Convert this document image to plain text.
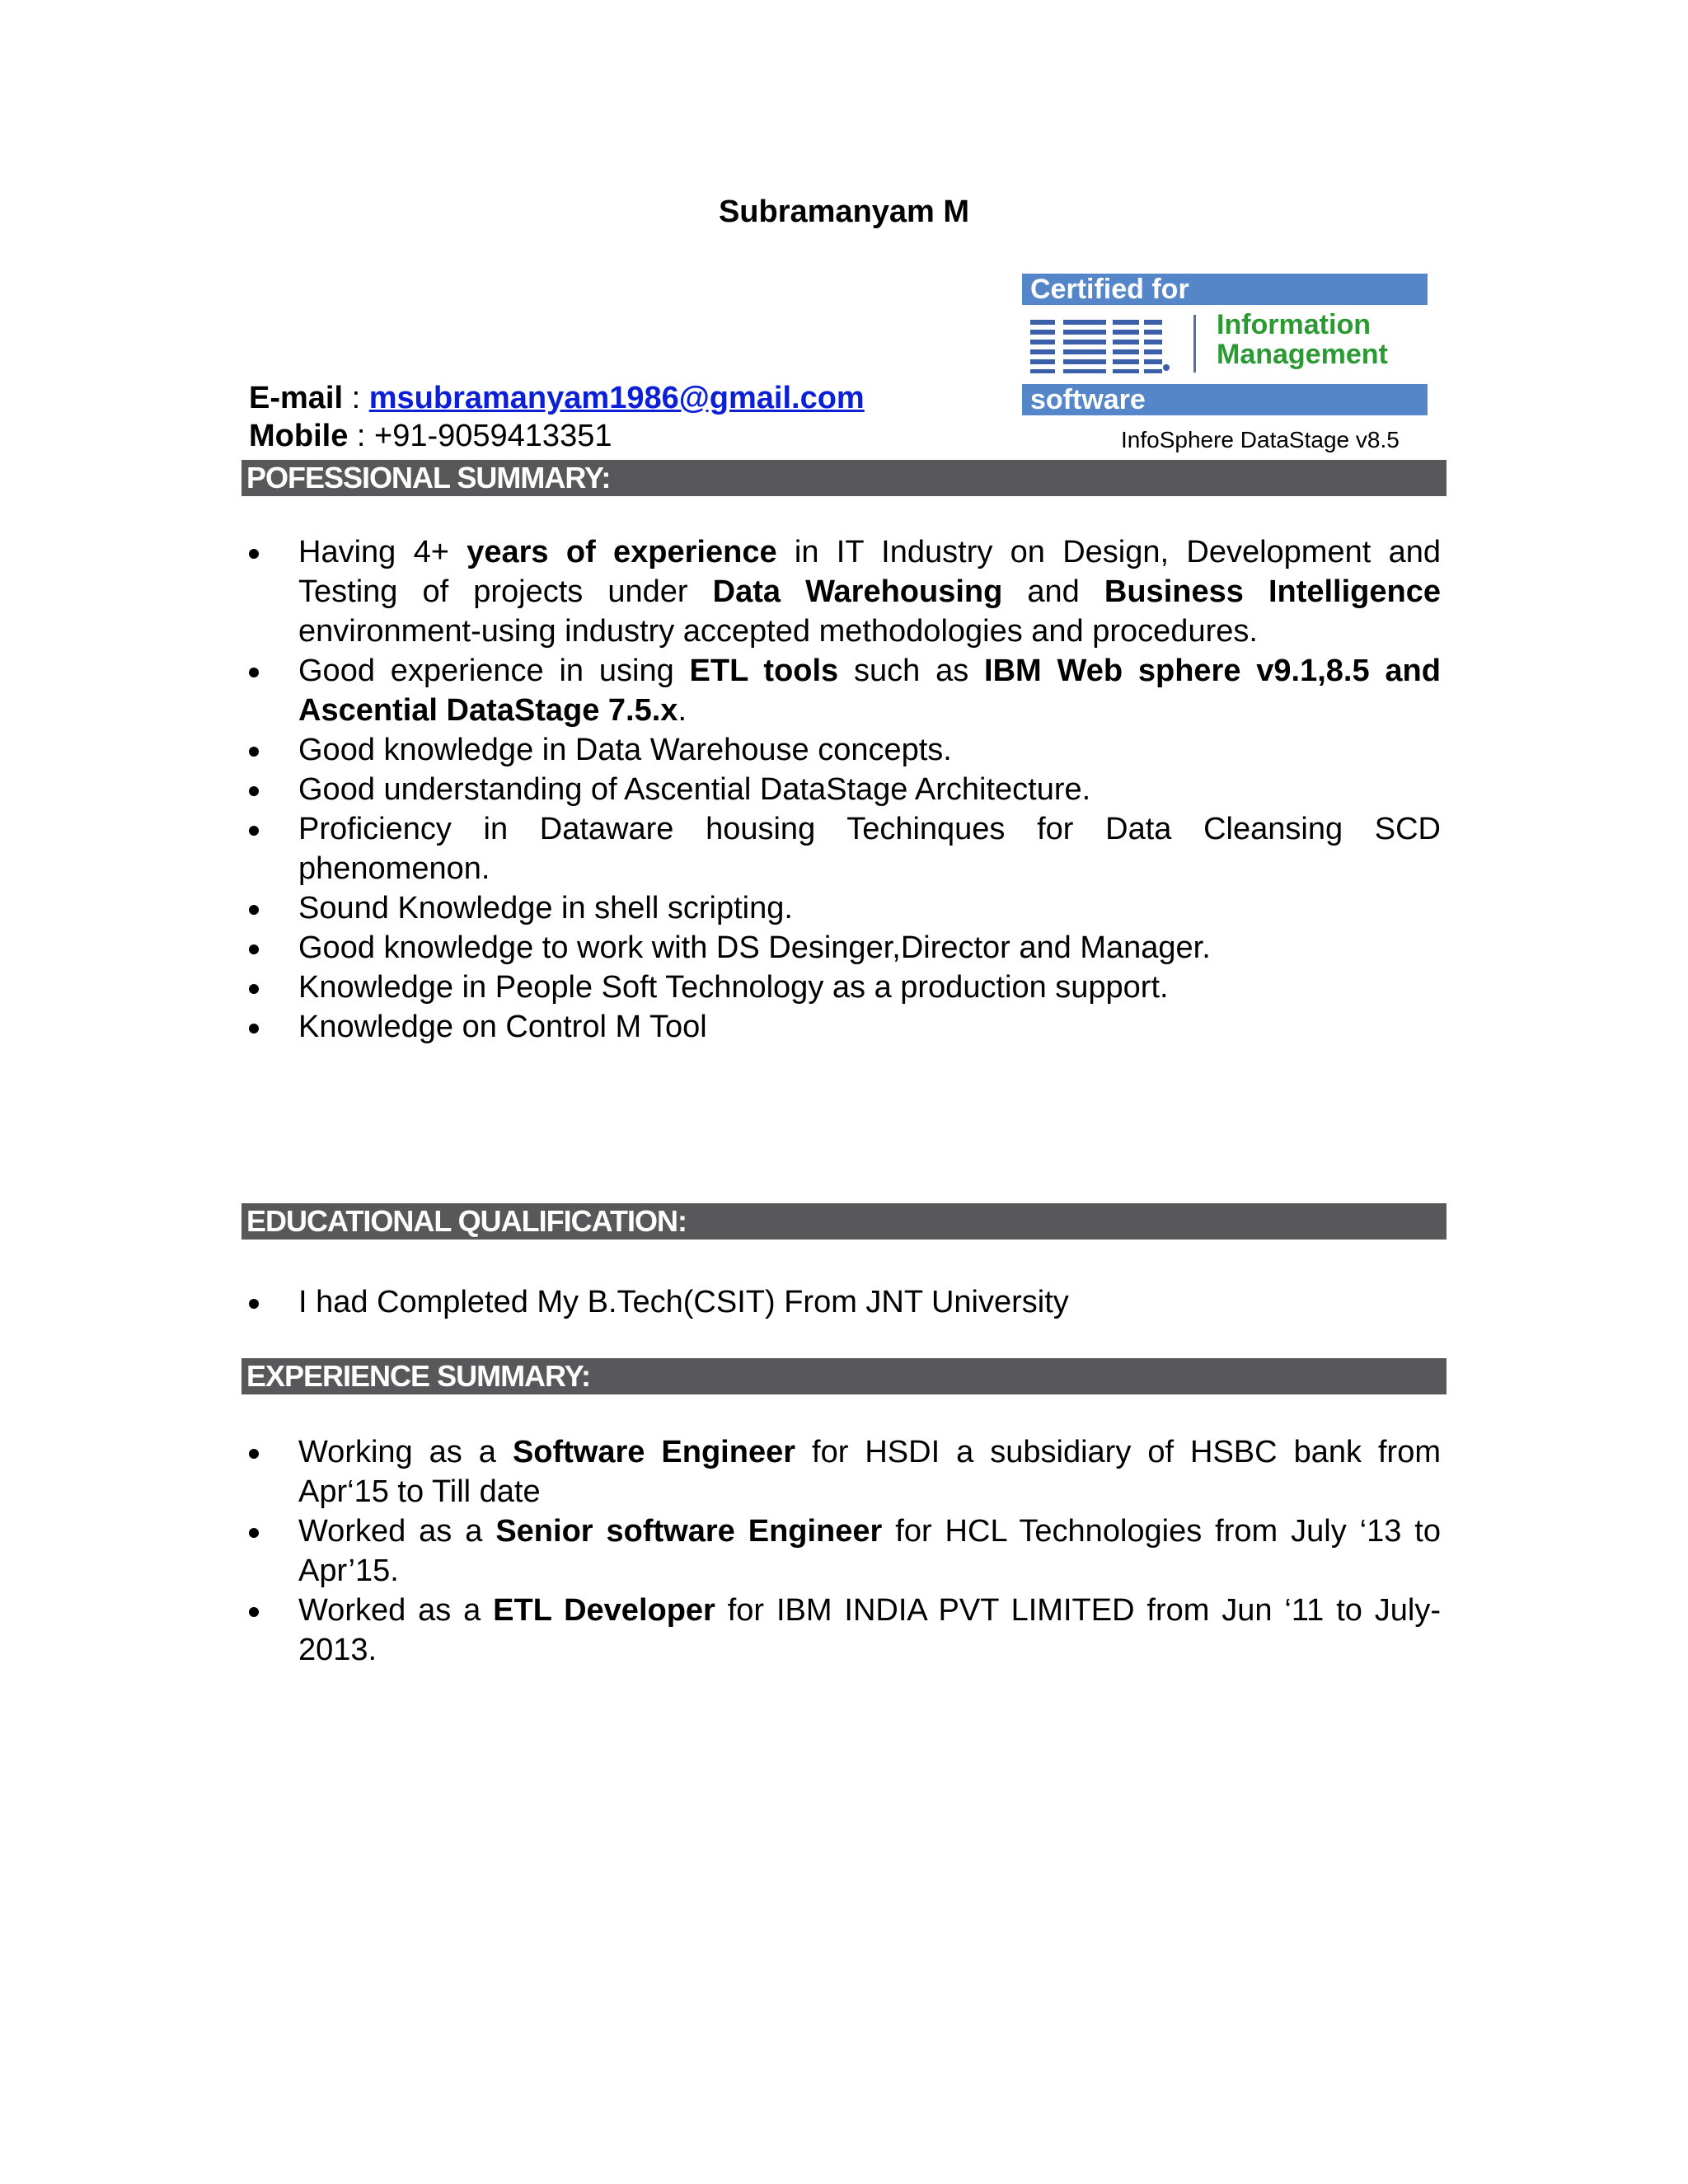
Subramanyam M
E-mail : msubramanyam1986@gmail.com
Mobile : +91-9059413351
Certified for
Information
Management
software
InfoSphere DataStage v8.5
POFESSIONAL SUMMARY:
Having 4+ years of experience in IT Industry on Design, Development and Testing of projects under Data Warehousing and Business Intelligence environment-using industry accepted methodologies and procedures.
Good experience in using ETL tools such as IBM Web sphere v9.1,8.5 and Ascential DataStage 7.5.x.
Good knowledge in Data Warehouse concepts.
Good understanding of Ascential DataStage Architecture.
Proficiency in Dataware housing Techinques for Data Cleansing SCD phenomenon.
Sound Knowledge in shell scripting.
Good knowledge to work with DS Desinger,Director and Manager.
Knowledge in People Soft Technology as a production support.
Knowledge on Control M Tool
EDUCATIONAL QUALIFICATION:
I had Completed My B.Tech(CSIT) From JNT University
EXPERIENCE SUMMARY:
Working as a Software Engineer for HSDI a subsidiary of HSBC bank from Apr‘15 to Till date
Worked as a Senior software Engineer for HCL Technologies from July ‘13 to Apr’15.
Worked as a ETL Developer for IBM INDIA PVT LIMITED from Jun ‘11 to July-2013.
